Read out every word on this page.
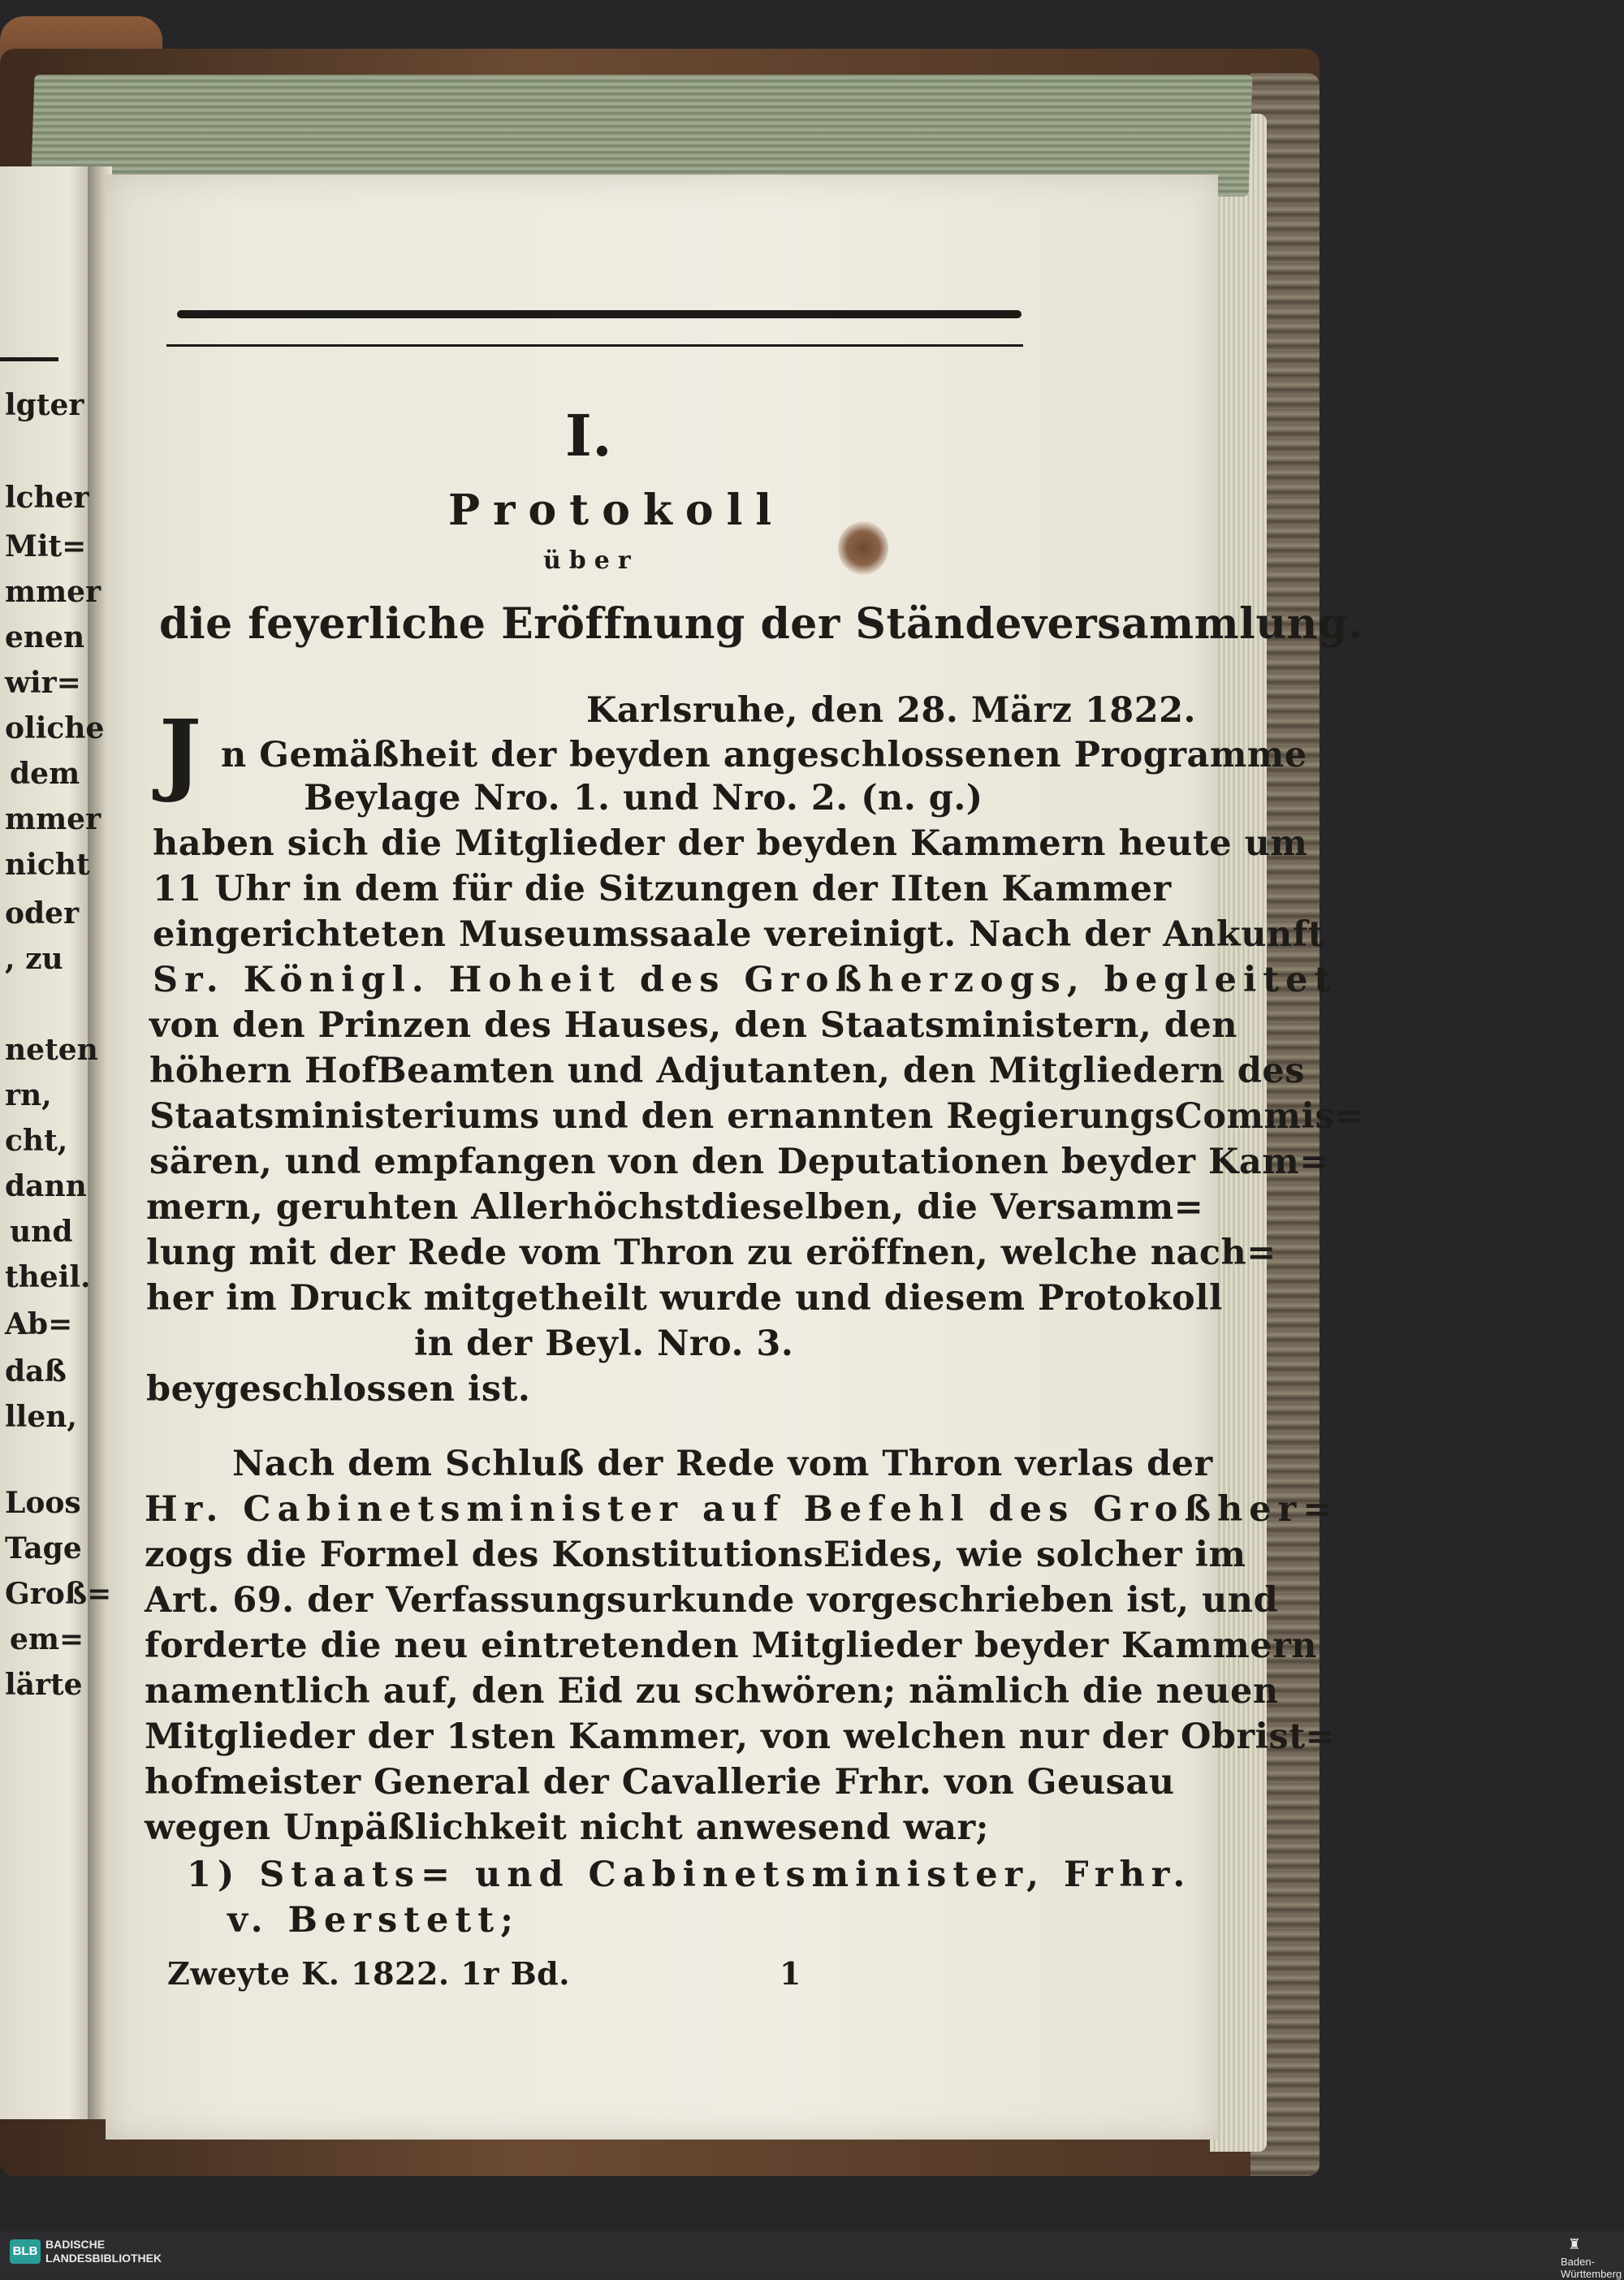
lgter
lcher
Mit=
mmer
enen
wir=
oliche
dem
mmer
nicht
oder
, zu
neten
rn,
cht,
dann
und
theil.
Ab=
daß
llen,
Loos
Tage
Groß=
em=
lärte
I.
Protokoll
über
die feyerliche Eröffnung der Ständeversammlung.
Karlsruhe, den 28. März 1822.
J n Gemäßheit der beyden angeschlossenen Programme
Beylage Nro. 1. und Nro. 2. (n. g.)
haben sich die Mitglieder der beyden Kammern heute um
11 Uhr in dem für die Sitzungen der IIten Kammer
eingerichteten Museumssaale vereinigt. Nach der Ankunft
Sr. Königl. Hoheit des Großherzogs, begleitet
von den Prinzen des Hauses, den Staatsministern, den
höhern HofBeamten und Adjutanten, den Mitgliedern des
Staatsministeriums und den ernannten RegierungsCommis=
sären, und empfangen von den Deputationen beyder Kam=
mern, geruhten Allerhöchstdieselben, die Versamm=
lung mit der Rede vom Thron zu eröffnen, welche nach=
her im Druck mitgetheilt wurde und diesem Protokoll
in der Beyl. Nro. 3.
beygeschlossen ist.
Nach dem Schluß der Rede vom Thron verlas der
Hr. Cabinetsminister auf Befehl des Großher=
zogs die Formel des KonstitutionsEides, wie solcher im
Art. 69. der Verfassungsurkunde vorgeschrieben ist, und
forderte die neu eintretenden Mitglieder beyder Kammern
namentlich auf, den Eid zu schwören; nämlich die neuen
Mitglieder der 1sten Kammer, von welchen nur der Obrist=
hofmeister General der Cavallerie Frhr. von Geusau
wegen Unpäßlichkeit nicht anwesend war;
1) Staats= und Cabinetsminister, Frhr.
v. Berstett;
Zweyte K. 1822. 1r Bd.	1
BLB BADISCHE
LANDESBIBLIOTHEK
♜
Baden-Württemberg
